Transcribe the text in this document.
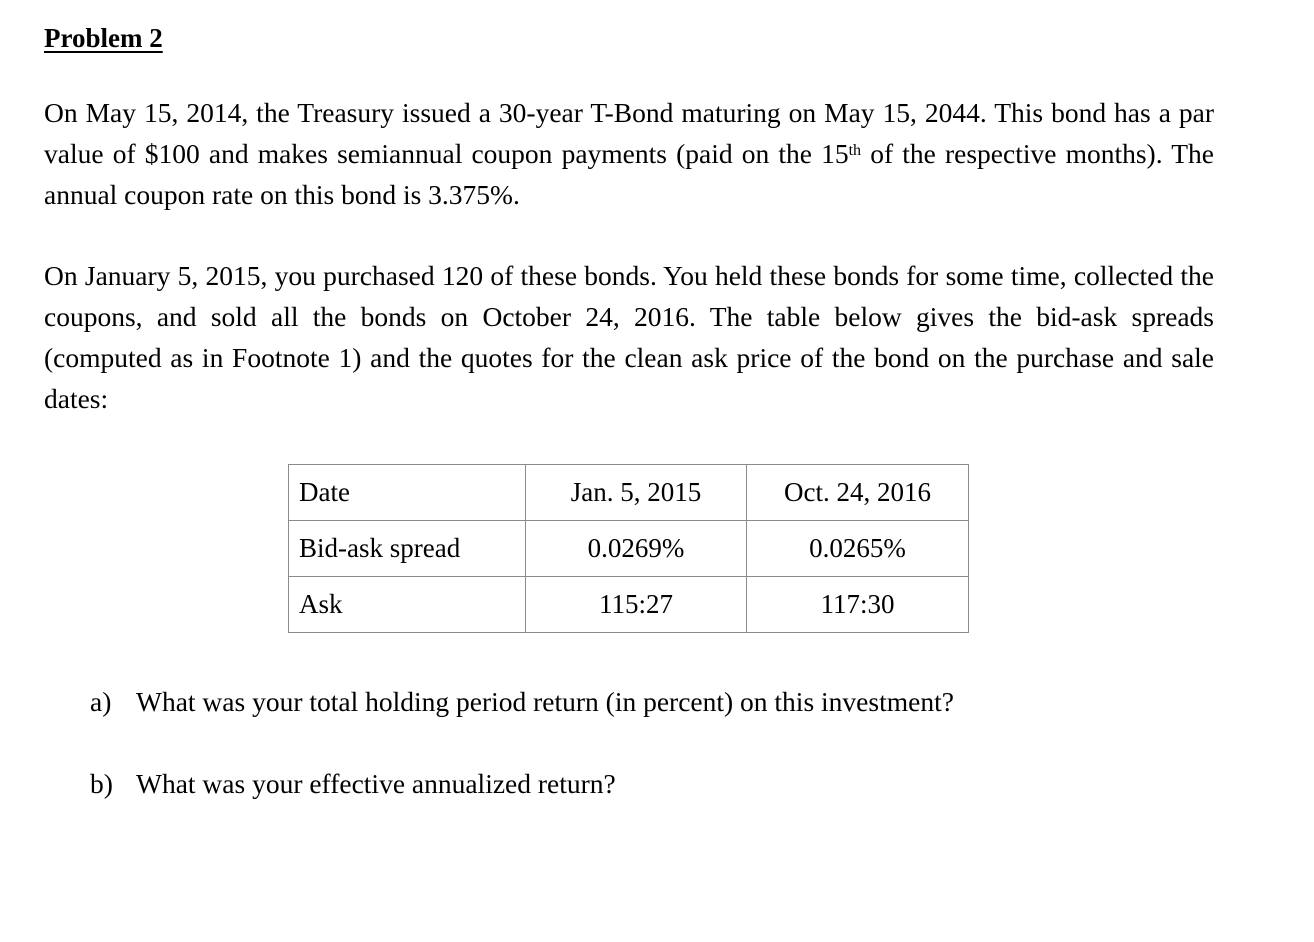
Problem 2

On May 15, 2014, the Treasury issued a 30-year T-Bond maturing on May 15, 2044. This bond has a par value of $100 and makes semiannual coupon payments (paid on the 15th of the respective months). The annual coupon rate on this bond is 3.375%.

On January 5, 2015, you purchased 120 of these bonds. You held these bonds for some time, collected the coupons, and sold all the bonds on October 24, 2016. The table below gives the bid-ask spreads (computed as in Footnote 1) and the quotes for the clean ask price of the bond on the purchase and sale dates:

Date	Jan. 5, 2015	Oct. 24, 2016
Bid-ask spread	0.0269%	0.0265%
Ask	115:27	117:30
a) What was your total holding period return (in percent) on this investment?
b) What was your effective annualized return?
